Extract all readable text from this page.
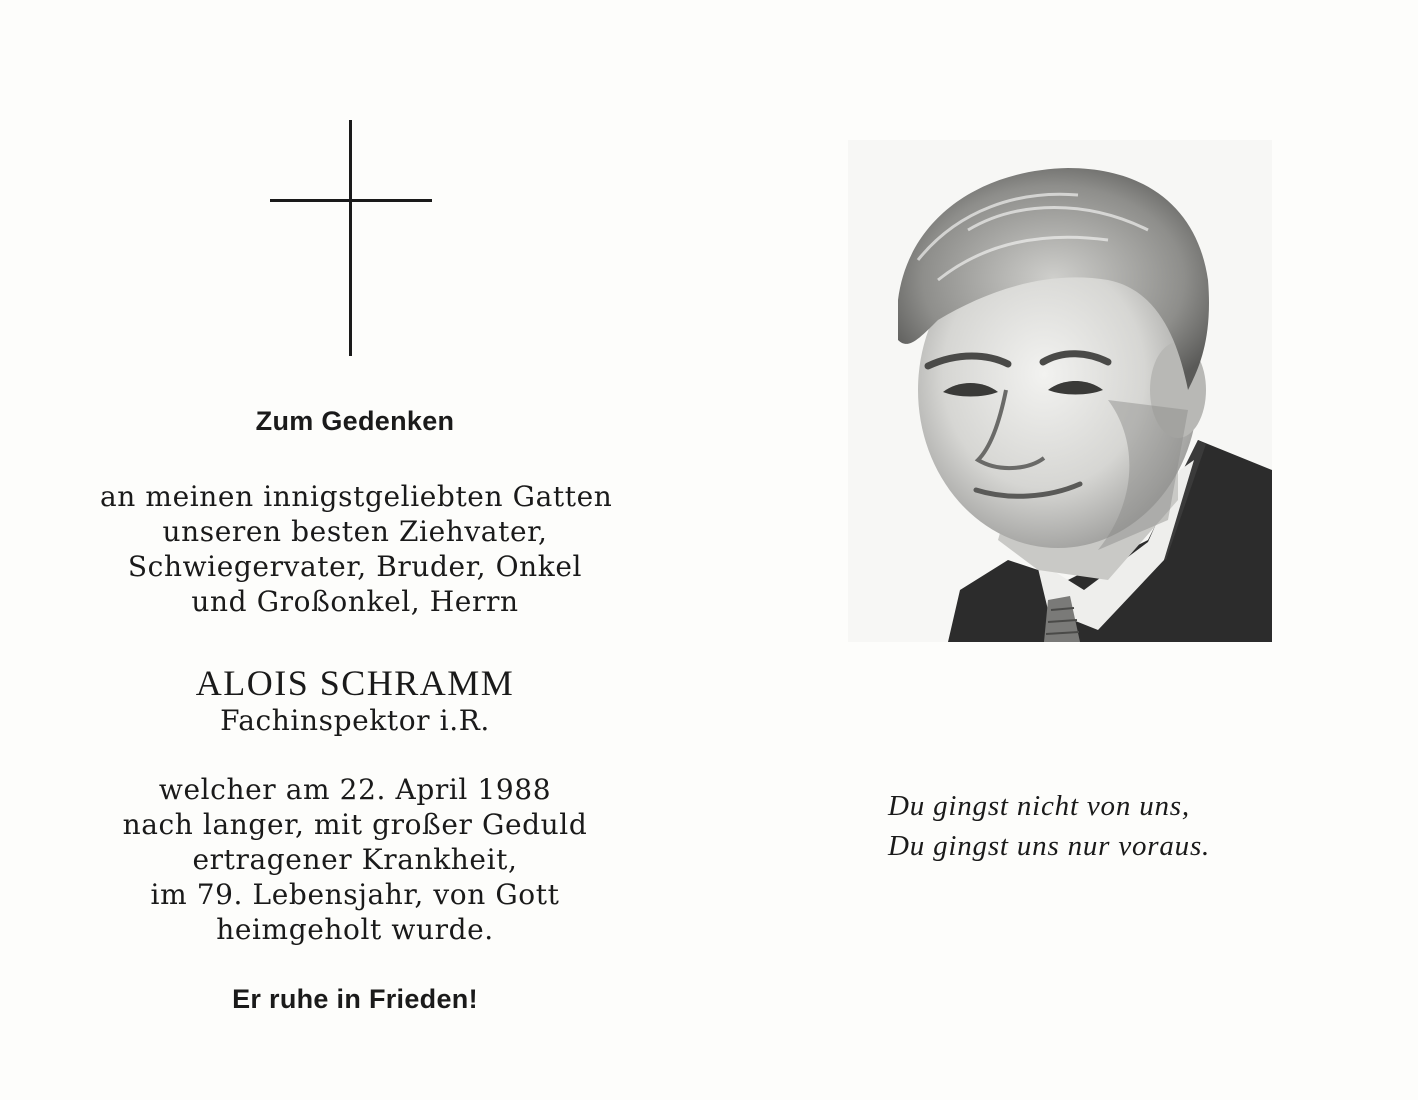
Zum Gedenken
an meinen innigstgeliebten Gatten
unseren besten Ziehvater,
Schwiegervater, Bruder, Onkel
und Großonkel, Herrn
ALOIS SCHRAMM
Fachinspektor i.R.
welcher am 22. April 1988
nach langer, mit großer Geduld
ertragener Krankheit,
im 79. Lebensjahr, von Gott
heimgeholt wurde.
Er ruhe in Frieden!
Du gingst nicht von uns,
Du gingst uns nur voraus.
